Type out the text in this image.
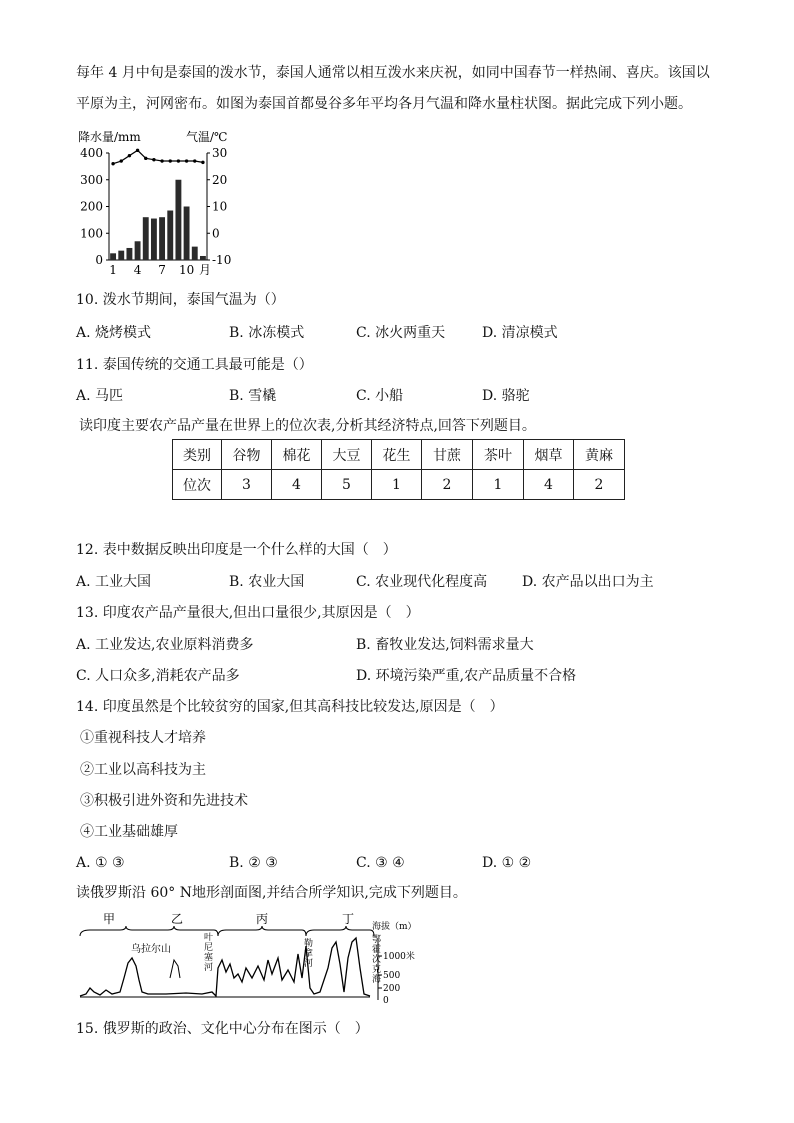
每年 4 月中旬是泰国的泼水节，泰国人通常以相互泼水来庆祝，如同中国春节一样热闹、喜庆。该国以
平原为主，河网密布。如图为泰国首都曼谷多年平均各月气温和降水量柱状图。据此完成下列小题。
降水量/mm	气温/℃
400
300
200
100
0
30
20
10
0
-10
1 4 7 10 月
10. 泼水节期间，泰国气温为（）
A. 烧烤模式	B. 冰冻模式	C. 冰火两重天	D. 清凉模式
11. 泰国传统的交通工具最可能是（）
A. 马匹	B. 雪橇	C. 小船	D. 骆驼
读印度主要农产品产量在世界上的位次表,分析其经济特点,回答下列题目。
类别	谷物	棉花	大豆	花生	甘蔗	茶叶	烟草	黄麻
位次	3	4	5	1	2	1	4	2
12. 表中数据反映出印度是一个什么样的大国（　）
A. 工业大国	B. 农业大国	C. 农业现代化程度高 D. 农产品以出口为主
13. 印度农产品产量很大,但出口量很少,其原因是（　）
A. 工业发达,农业原料消费多	B. 畜牧业发达,饲料需求量大
C. 人口众多,消耗农产品多	D. 环境污染严重,农产品质量不合格
14. 印度虽然是个比较贫穷的国家,但其高科技比较发达,原因是（　）
①重视科技人才培养
②工业以高科技为主
③积极引进外资和先进技术
④工业基础雄厚
A. ① ③	B. ② ③	C. ③ ④	D. ① ②
读俄罗斯沿 60° N地形剖面图,并结合所学知识,完成下列题目。
甲	乙	丙	丁
海拔（m）
1000米
500
200
0
乌拉尔山
叶尼塞河
勒拿河
鄂霍次克海
15. 俄罗斯的政治、文化中心分布在图示（　）
